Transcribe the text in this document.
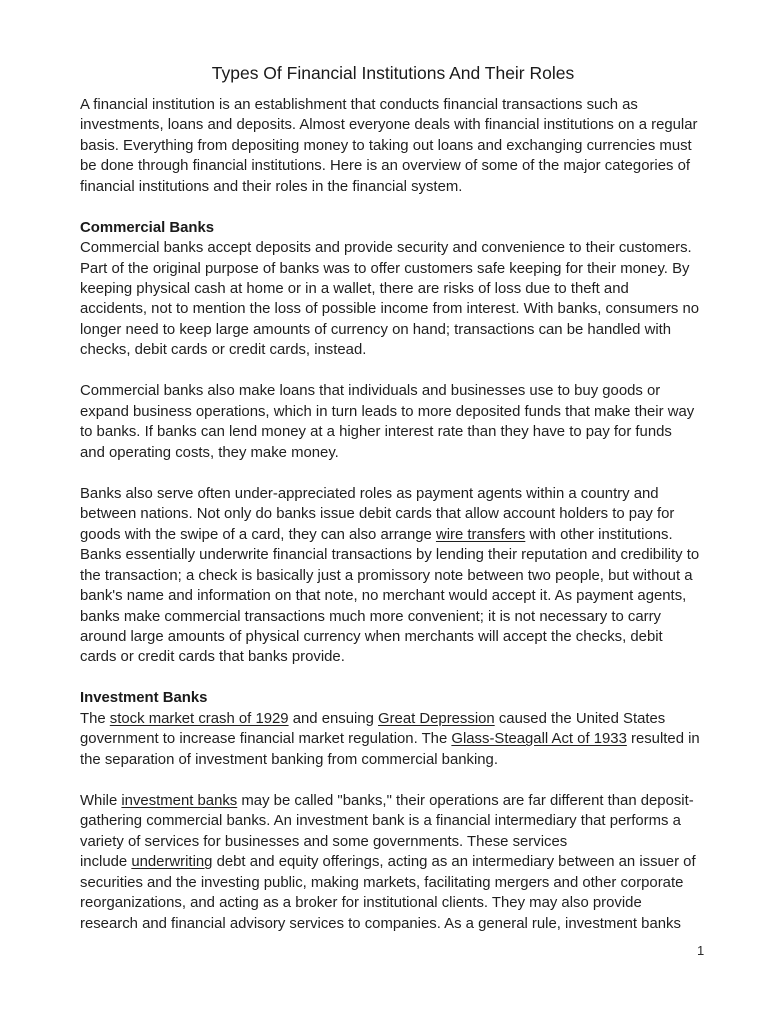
Types Of Financial Institutions And Their Roles
A financial institution is an establishment that conducts financial transactions such as
investments, loans and deposits. Almost everyone deals with financial institutions on a regular
basis. Everything from depositing money to taking out loans and exchanging currencies must
be done through financial institutions. Here is an overview of some of the major categories of
financial institutions and their roles in the financial system.
Commercial Banks
Commercial banks accept deposits and provide security and convenience to their customers.
Part of the original purpose of banks was to offer customers safe keeping for their money. By
keeping physical cash at home or in a wallet, there are risks of loss due to theft and
accidents, not to mention the loss of possible income from interest. With banks, consumers no
longer need to keep large amounts of currency on hand; transactions can be handled with
checks, debit cards or credit cards, instead.
Commercial banks also make loans that individuals and businesses use to buy goods or
expand business operations, which in turn leads to more deposited funds that make their way
to banks. If banks can lend money at a higher interest rate than they have to pay for funds
and operating costs, they make money.
Banks also serve often under-appreciated roles as payment agents within a country and
between nations. Not only do banks issue debit cards that allow account holders to pay for
goods with the swipe of a card, they can also arrange wire transfers with other institutions.
Banks essentially underwrite financial transactions by lending their reputation and credibility to
the transaction; a check is basically just a promissory note between two people, but without a
bank's name and information on that note, no merchant would accept it. As payment agents,
banks make commercial transactions much more convenient; it is not necessary to carry
around large amounts of physical currency when merchants will accept the checks, debit
cards or credit cards that banks provide.
Investment Banks
The stock market crash of 1929 and ensuing Great Depression caused the United States
government to increase financial market regulation. The Glass-Steagall Act of 1933 resulted in
the separation of investment banking from commercial banking.
While investment banks may be called "banks," their operations are far different than deposit-
gathering commercial banks. An investment bank is a financial intermediary that performs a
variety of services for businesses and some governments. These services
include underwriting debt and equity offerings, acting as an intermediary between an issuer of
securities and the investing public, making markets, facilitating mergers and other corporate
reorganizations, and acting as a broker for institutional clients. They may also provide
research and financial advisory services to companies. As a general rule, investment banks
1
